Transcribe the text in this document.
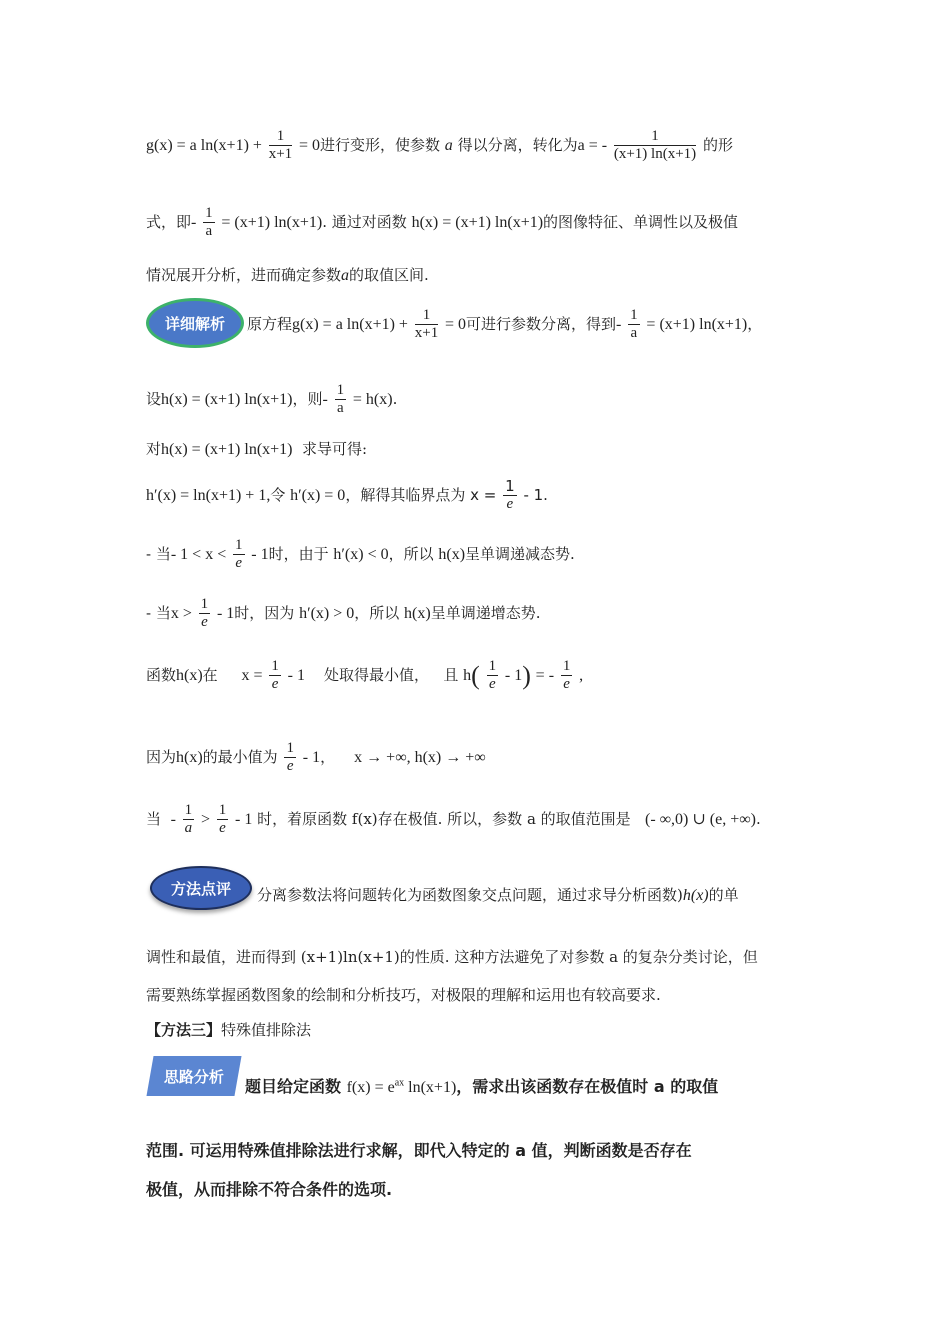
g(x) = a $\ln(x+1) + \frac{1}{x+1} = 0$进行变形，使参数 a 得以分离，转化为a = - $\frac{1}{(x+1) \ln(x+1)}$ 的形
式，即- $\frac{1}{a} = (x+1)$ ln(x+1). 通过对函数 h(x) = (x+1) ln(x+1)的图像特征、单调性以及极值
情况展开分析，进而确定参数a的取值区间.
详细解析 原方程g(x) = a $\ln(x+1) + \frac{1}{x+1} = 0$可进行参数分离，得到- $\frac{1}{a} = (x+1)$ ln(x+1)，
设h(x) = (x+1) ln(x+1)，则- $\frac{1}{a} = h(x)$.
对h(x) = (x+1) ln(x+1) 求导可得:
h′(x) = ln(x+1) + 1,令 h′(x) = 0，解得其临界点为 $x = \frac{1}{e} - 1$.
- 当- $1 < x < \frac{1}{e} - 1$时，由于 h′(x) < 0，所以 h(x)呈单调递减态势.
- 当$x > \frac{1}{e} - 1$时，因为 h′(x) > 0，所以 h(x)呈单调递增态势.
函数h(x)在 $x = \frac{1}{e} - 1$ 处取得最小值， 且 $h( \frac{1}{e} - 1)$ = - $\frac{1}{e}$ ,
因为h(x)的最小值为 $\frac{1}{e} - 1$， x → +∞, h(x) → +∞
当 - $\frac{1}{a} > \frac{1}{e} - 1$ 时，着原函数 f(x)存在极值. 所以，参数 a 的取值范围是 (- ∞,0) ∪ (e, +∞).
方法点评 分离参数法将问题转化为函数图象交点问题，通过求导分析函数)h(x)的单
调性和最值，进而得到 (x+1)ln(x+1)的性质. 这种方法避免了对参数 a 的复杂分类讨论，但
需要熟练掌握函数图象的绘制和分析技巧，对极限的理解和运用也有较高要求.
【方法三】特殊值排除法
思路分析
题目给定函数 $f(x) = e^{ax}$ ln(x+1)，需求出该函数存在极值时 a 的取值
范围. 可运用特殊值排除法进行求解，即代入特定的 a 值，判断函数是否存在
极值，从而排除不符合条件的选项.
